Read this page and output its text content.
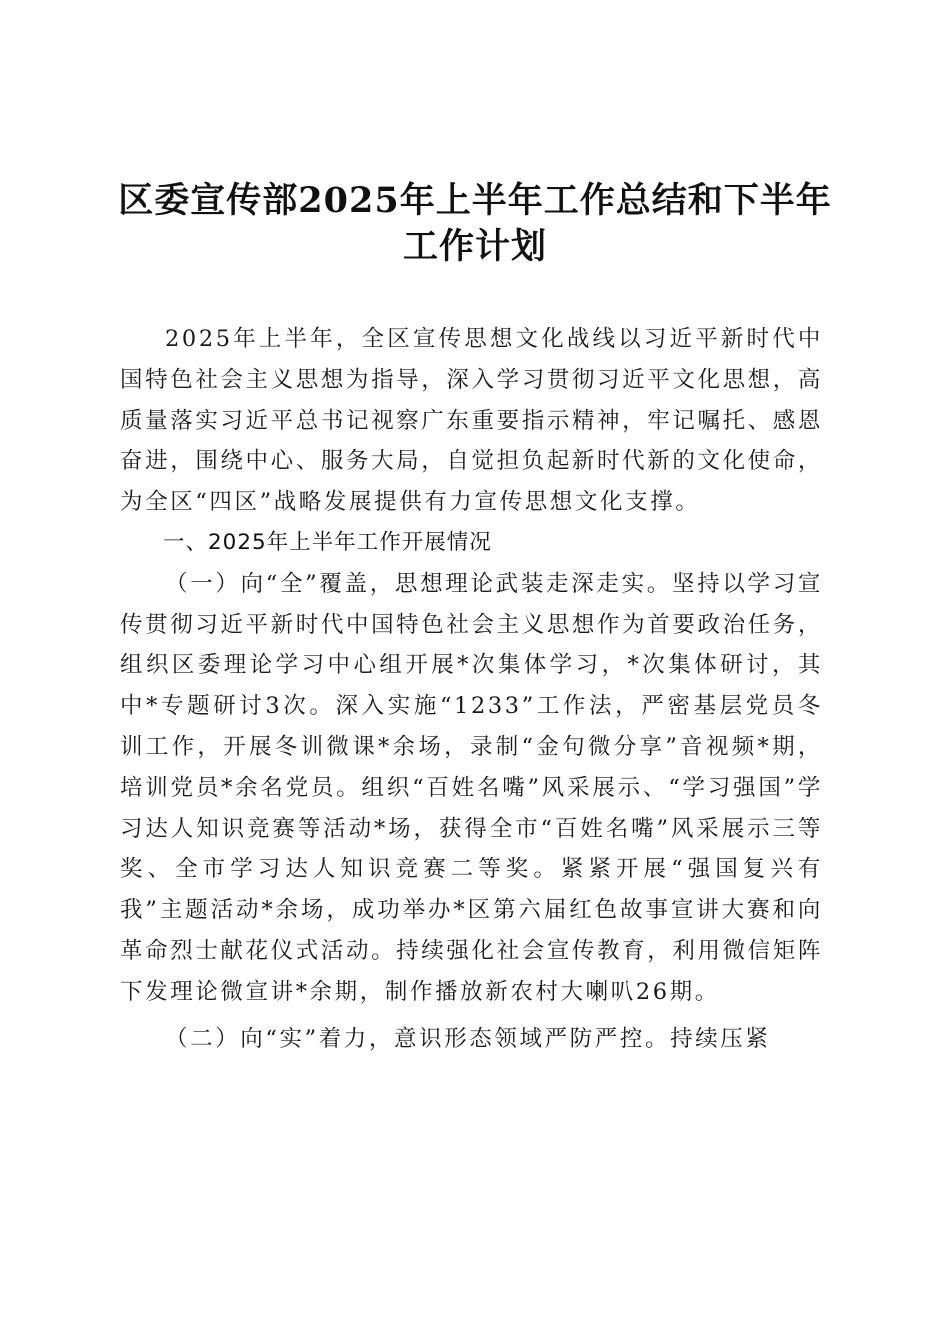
区委宣传部2025年上半年工作总结和下半年
工作计划

2025年上半年，全区宣传思想文化战线以习近平新时代中国特色社会主义思想为指导，深入学习贯彻习近平文化思想，高质量落实习近平总书记视察广东重要指示精神，牢记嘱托、感恩奋进，围绕中心、服务大局，自觉担负起新时代新的文化使命，为全区“四区”战略发展提供有力宣传思想文化支撑。

一、2025年上半年工作开展情况

（一）向“全”覆盖，思想理论武装走深走实。坚持以学习宣传贯彻习近平新时代中国特色社会主义思想作为首要政治任务，组织区委理论学习中心组开展*次集体学习，*次集体研讨，其中*专题研讨3次。深入实施“1233”工作法，严密基层党员冬训工作，开展冬训微课*余场，录制“金句微分享”音视频*期，培训党员*余名党员。组织“百姓名嘴”风采展示、“学习强国”学习达人知识竞赛等活动*场，获得全市“百姓名嘴”风采展示三等奖、全市学习达人知识竞赛二等奖。紧紧开展“强国复兴有我”主题活动*余场，成功举办*区第六届红色故事宣讲大赛和向革命烈士献花仪式活动。持续强化社会宣传教育，利用微信矩阵下发理论微宣讲*余期，制作播放新农村大喇叭26期。

（二）向“实”着力，意识形态领域严防严控。持续压紧
